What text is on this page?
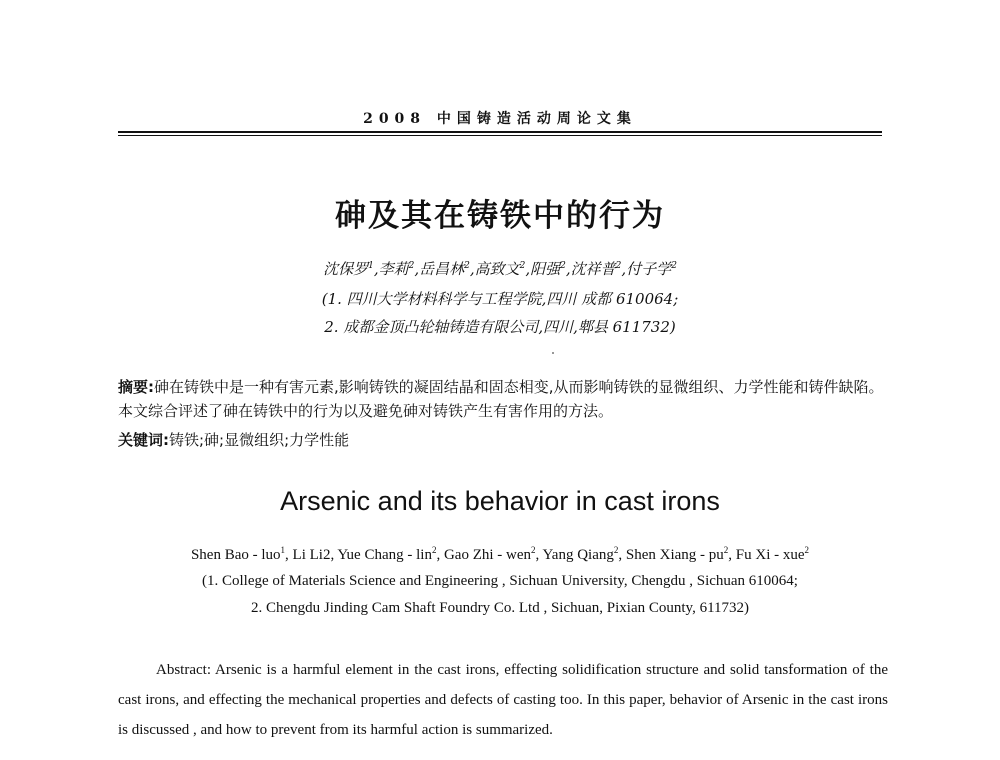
2008 中国铸造活动周论文集
砷及其在铸铁中的行为
沈保罗$^1$,李莉$^2$,岳昌林$^2$,高致文$^2$,阳强$^2$,沈祥普$^2$,付子学$^2$
(1. 四川大学材料科学与工程学院,四川 成都 610064;
2. 成都金顶凸轮轴铸造有限公司,四川,郫县 611732)
摘要:砷在铸铁中是一种有害元素,影响铸铁的凝固结晶和固态相变,从而影响铸铁的显微组织、力学性能和铸件缺陷。本文综合评述了砷在铸铁中的行为以及避免砷对铸铁产生有害作用的方法。
关键词:铸铁;砷;显微组织;力学性能
Arsenic and its behavior in cast irons
Shen Bao - luo$^1$, Li Li2, Yue Chang - lin$^2$, Gao Zhi - wen$^2$, Yang Qiang$^2$, Shen Xiang - $pu^2$, Fu Xi - xue$^2$
(1. College of Materials Science and Engineering , Sichuan University, Chengdu , Sichuan 610064;
2. Chengdu Jinding Cam Shaft Foundry Co. Ltd , Sichuan, Pixian County, 611732)
Abstract: Arsenic is a harmful element in the cast irons, effecting solidification structure and solid tansformation of the cast irons, and effecting the mechanical properties and defects of casting too. In this paper, behavior of Arsenic in the cast irons is discussed , and how to prevent from its harmful action is summarized.
